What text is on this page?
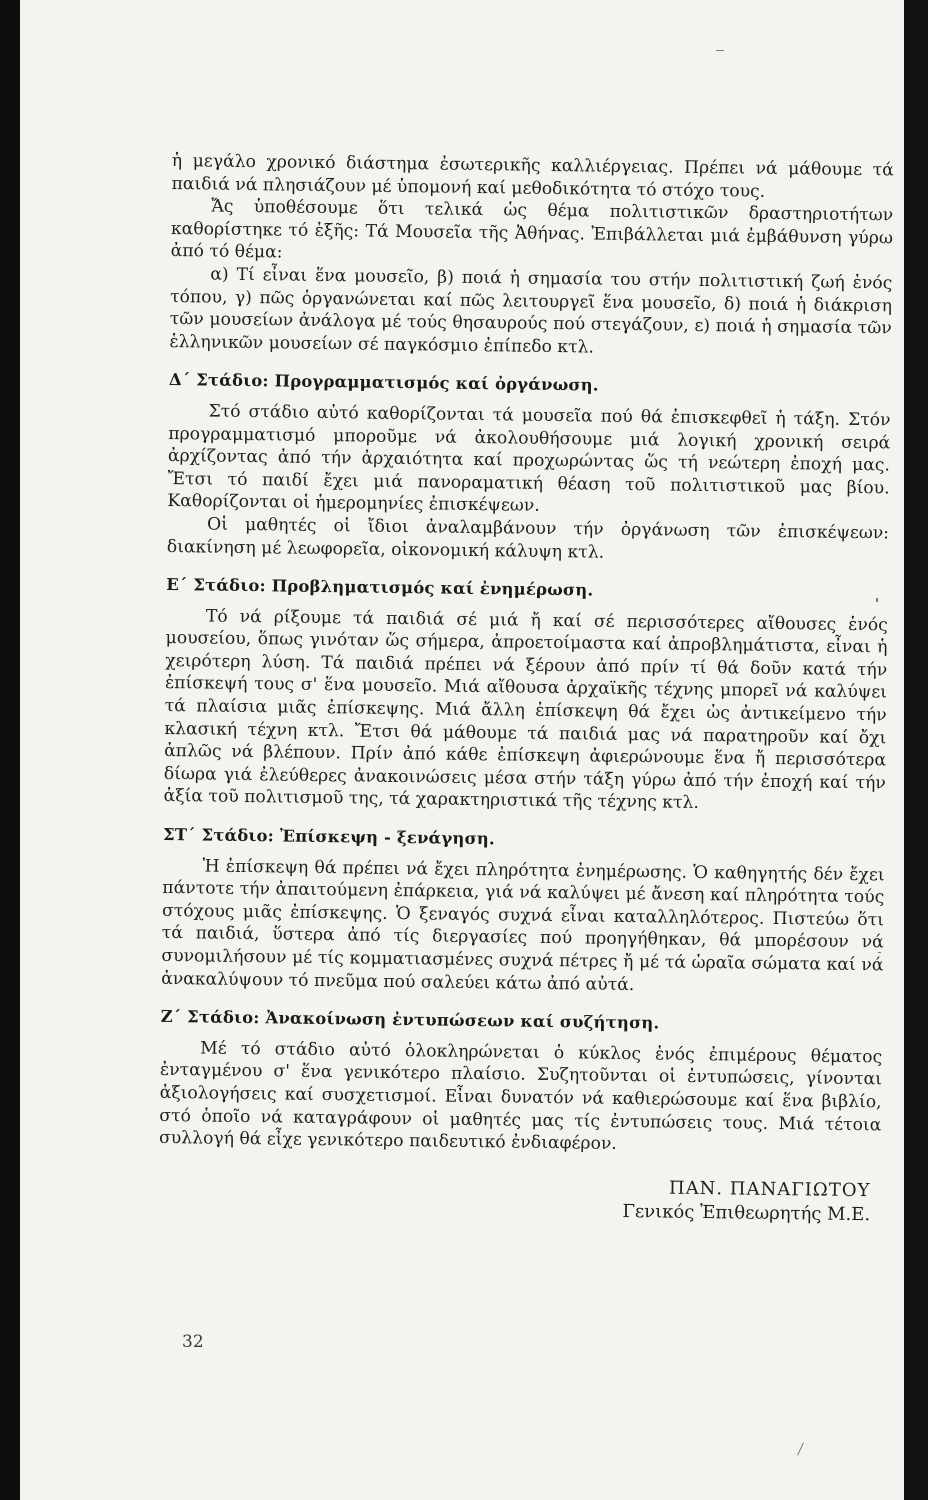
ἡ μεγάλο χρονικό διάστημα ἐσωτερικῆς καλλιέργειας. Πρέπει νά μάθουμε τά παιδιά νά πλησιάζουν μέ ὑπομονή καί μεθοδικότητα τό στόχο τους.

Ἄς ὑποθέσουμε ὅτι τελικά ὡς θέμα πολιτιστικῶν δραστηριοτήτων καθορίστηκε τό ἑξῆς: Τά Μουσεῖα τῆς Ἀθήνας. Ἐπιβάλλεται μιά ἐμβάθυνση γύρω ἀπό τό θέμα:

α) Τί εἶναι ἕνα μουσεῖο, β) ποιά ἡ σημασία του στήν πολιτιστική ζωή ἑνός τόπου, γ) πῶς ὀργανώνεται καί πῶς λειτουργεῖ ἕνα μουσεῖο, δ) ποιά ἡ διάκριση τῶν μουσείων ἀνάλογα μέ τούς θησαυρούς πού στεγάζουν, ε) ποιά ἡ σημασία τῶν ἑλληνικῶν μουσείων σέ παγκόσμιο ἐπίπεδο κτλ.

Δ΄ Στάδιο: Προγραμματισμός καί ὀργάνωση.

Στό στάδιο αὐτό καθορίζονται τά μουσεῖα πού θά ἐπισκεφθεῖ ἡ τάξη. Στόν προγραμματισμό μποροῦμε νά ἀκολουθήσουμε μιά λογική χρονική σειρά ἀρχίζοντας ἀπό τήν ἀρχαιότητα καί προχωρώντας ὥς τή νεώτερη ἐποχή μας. Ἔτσι τό παιδί ἔχει μιά πανοραματική θέαση τοῦ πολιτιστικοῦ μας βίου. Καθορίζονται οἱ ἡμερομηνίες ἐπισκέψεων.

Οἱ μαθητές οἱ ἴδιοι ἀναλαμβάνουν τήν ὀργάνωση τῶν ἐπισκέψεων: διακίνηση μέ λεωφορεῖα, οἰκονομική κάλυψη κτλ.

Ε΄ Στάδιο: Προβληματισμός καί ἐνημέρωση.

Τό νά ρίξουμε τά παιδιά σέ μιά ἤ καί σέ περισσότερες αἴθουσες ἑνός μουσείου, ὅπως γινόταν ὥς σήμερα, ἀπροετοίμαστα καί ἀπροβλημάτιστα, εἶναι ἡ χειρότερη λύση. Τά παιδιά πρέπει νά ξέρουν ἀπό πρίν τί θά δοῦν κατά τήν ἐπίσκεψή τους σ' ἕνα μουσεῖο. Μιά αἴθουσα ἀρχαϊκῆς τέχνης μπορεῖ νά καλύψει τά πλαίσια μιᾶς ἐπίσκεψης. Μιά ἄλλη ἐπίσκεψη θά ἔχει ὡς ἀντικείμενο τήν κλασική τέχνη κτλ. Ἔτσι θά μάθουμε τά παιδιά μας νά παρατηροῦν καί ὄχι ἁπλῶς νά βλέπουν. Πρίν ἀπό κάθε ἐπίσκεψη ἀφιερώνουμε ἕνα ἤ περισσότερα δίωρα γιά ἐλεύθερες ἀνακοινώσεις μέσα στήν τάξη γύρω ἀπό τήν ἐποχή καί τήν ἀξία τοῦ πολιτισμοῦ της, τά χαρακτηριστικά τῆς τέχνης κτλ.

ΣΤ΄ Στάδιο: Ἐπίσκεψη - ξενάγηση.

Ἡ ἐπίσκεψη θά πρέπει νά ἔχει πληρότητα ἐνημέρωσης. Ὁ καθηγητής δέν ἔχει πάντοτε τήν ἀπαιτούμενη ἐπάρκεια, γιά νά καλύψει μέ ἄνεση καί πληρότητα τούς στόχους μιᾶς ἐπίσκεψης. Ὁ ξεναγός συχνά εἶναι καταλληλότερος. Πιστεύω ὅτι τά παιδιά, ὕστερα ἀπό τίς διεργασίες πού προηγήθηκαν, θά μπορέσουν νά συνομιλήσουν μέ τίς κομματιασμένες συχνά πέτρες ἤ μέ τά ὡραῖα σώματα καί νά ἀνακαλύψουν τό πνεῦμα πού σαλεύει κάτω ἀπό αὐτά.

Ζ΄ Στάδιο: Ἀνακοίνωση ἐντυπώσεων καί συζήτηση.

Μέ τό στάδιο αὐτό ὁλοκληρώνεται ὁ κύκλος ἑνός ἐπιμέρους θέματος ἐνταγμένου σ' ἕνα γενικότερο πλαίσιο. Συζητοῦνται οἱ ἐντυπώσεις, γίνονται ἀξιολογήσεις καί συσχετισμοί. Εἶναι δυνατόν νά καθιερώσουμε καί ἕνα βιβλίο, στό ὁποῖο νά καταγράφουν οἱ μαθητές μας τίς ἐντυπώσεις τους. Μιά τέτοια συλλογή θά εἶχε γενικότερο παιδευτικό ἐνδιαφέρον.

ΠΑΝ. ΠΑΝΑΓΙΩΤΟΥ
Γενικός Ἐπιθεωρητής Μ.Ε.
32
